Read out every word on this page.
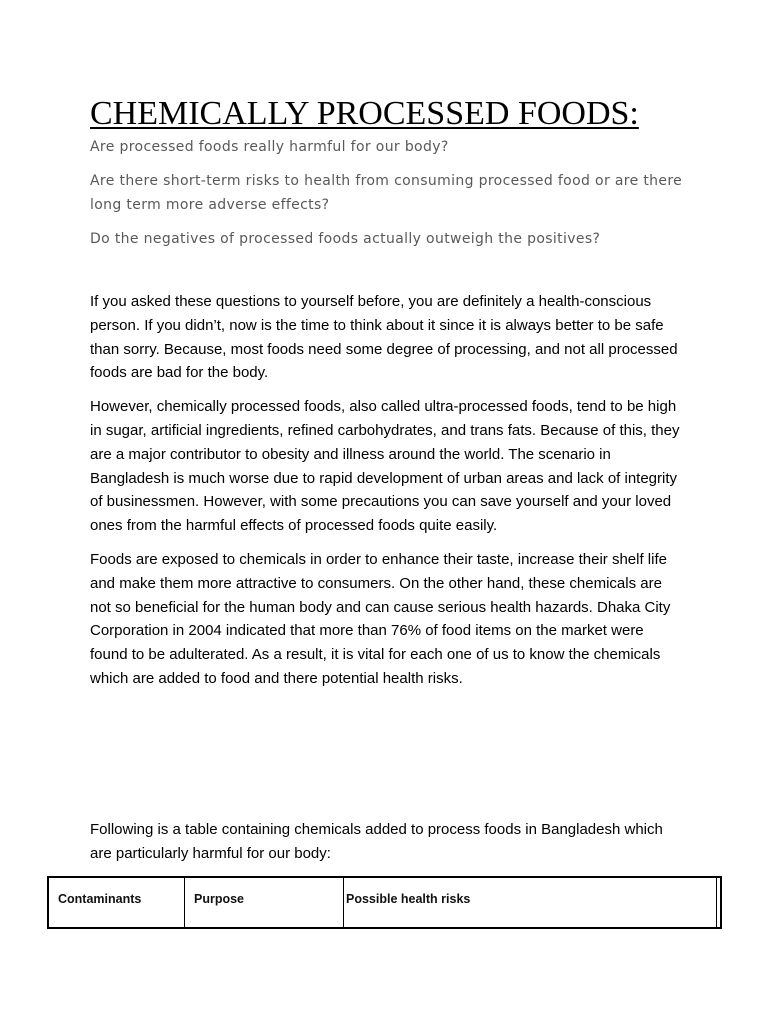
CHEMICALLY PROCESSED FOODS:

Are processed foods really harmful for our body?

Are there short-term risks to health from consuming processed food or are there long term more adverse effects?

Do the negatives of processed foods actually outweigh the positives?

If you asked these questions to yourself before, you are definitely a health-conscious person. If you didn’t, now is the time to think about it since it is always better to be safe than sorry. Because, most foods need some degree of processing, and not all processed foods are bad for the body.

However, chemically processed foods, also called ultra-processed foods, tend to be high in sugar, artificial ingredients, refined carbohydrates, and trans fats. Because of this, they are a major contributor to obesity and illness around the world. The scenario in Bangladesh is much worse due to rapid development of urban areas and lack of integrity of businessmen. However, with some precautions you can save yourself and your loved ones from the harmful effects of processed foods quite easily.

Foods are exposed to chemicals in order to enhance their taste, increase their shelf life and make them more attractive to consumers. On the other hand, these chemicals are not so beneficial for the human body and can cause serious health hazards. Dhaka City Corporation in 2004 indicated that more than 76% of food items on the market were found to be adulterated. As a result, it is vital for each one of us to know the chemicals which are added to food and there potential health risks.

Following is a table containing chemicals added to process foods in Bangladesh which are particularly harmful for our body:

Contaminants	Purpose	Possible health risks
